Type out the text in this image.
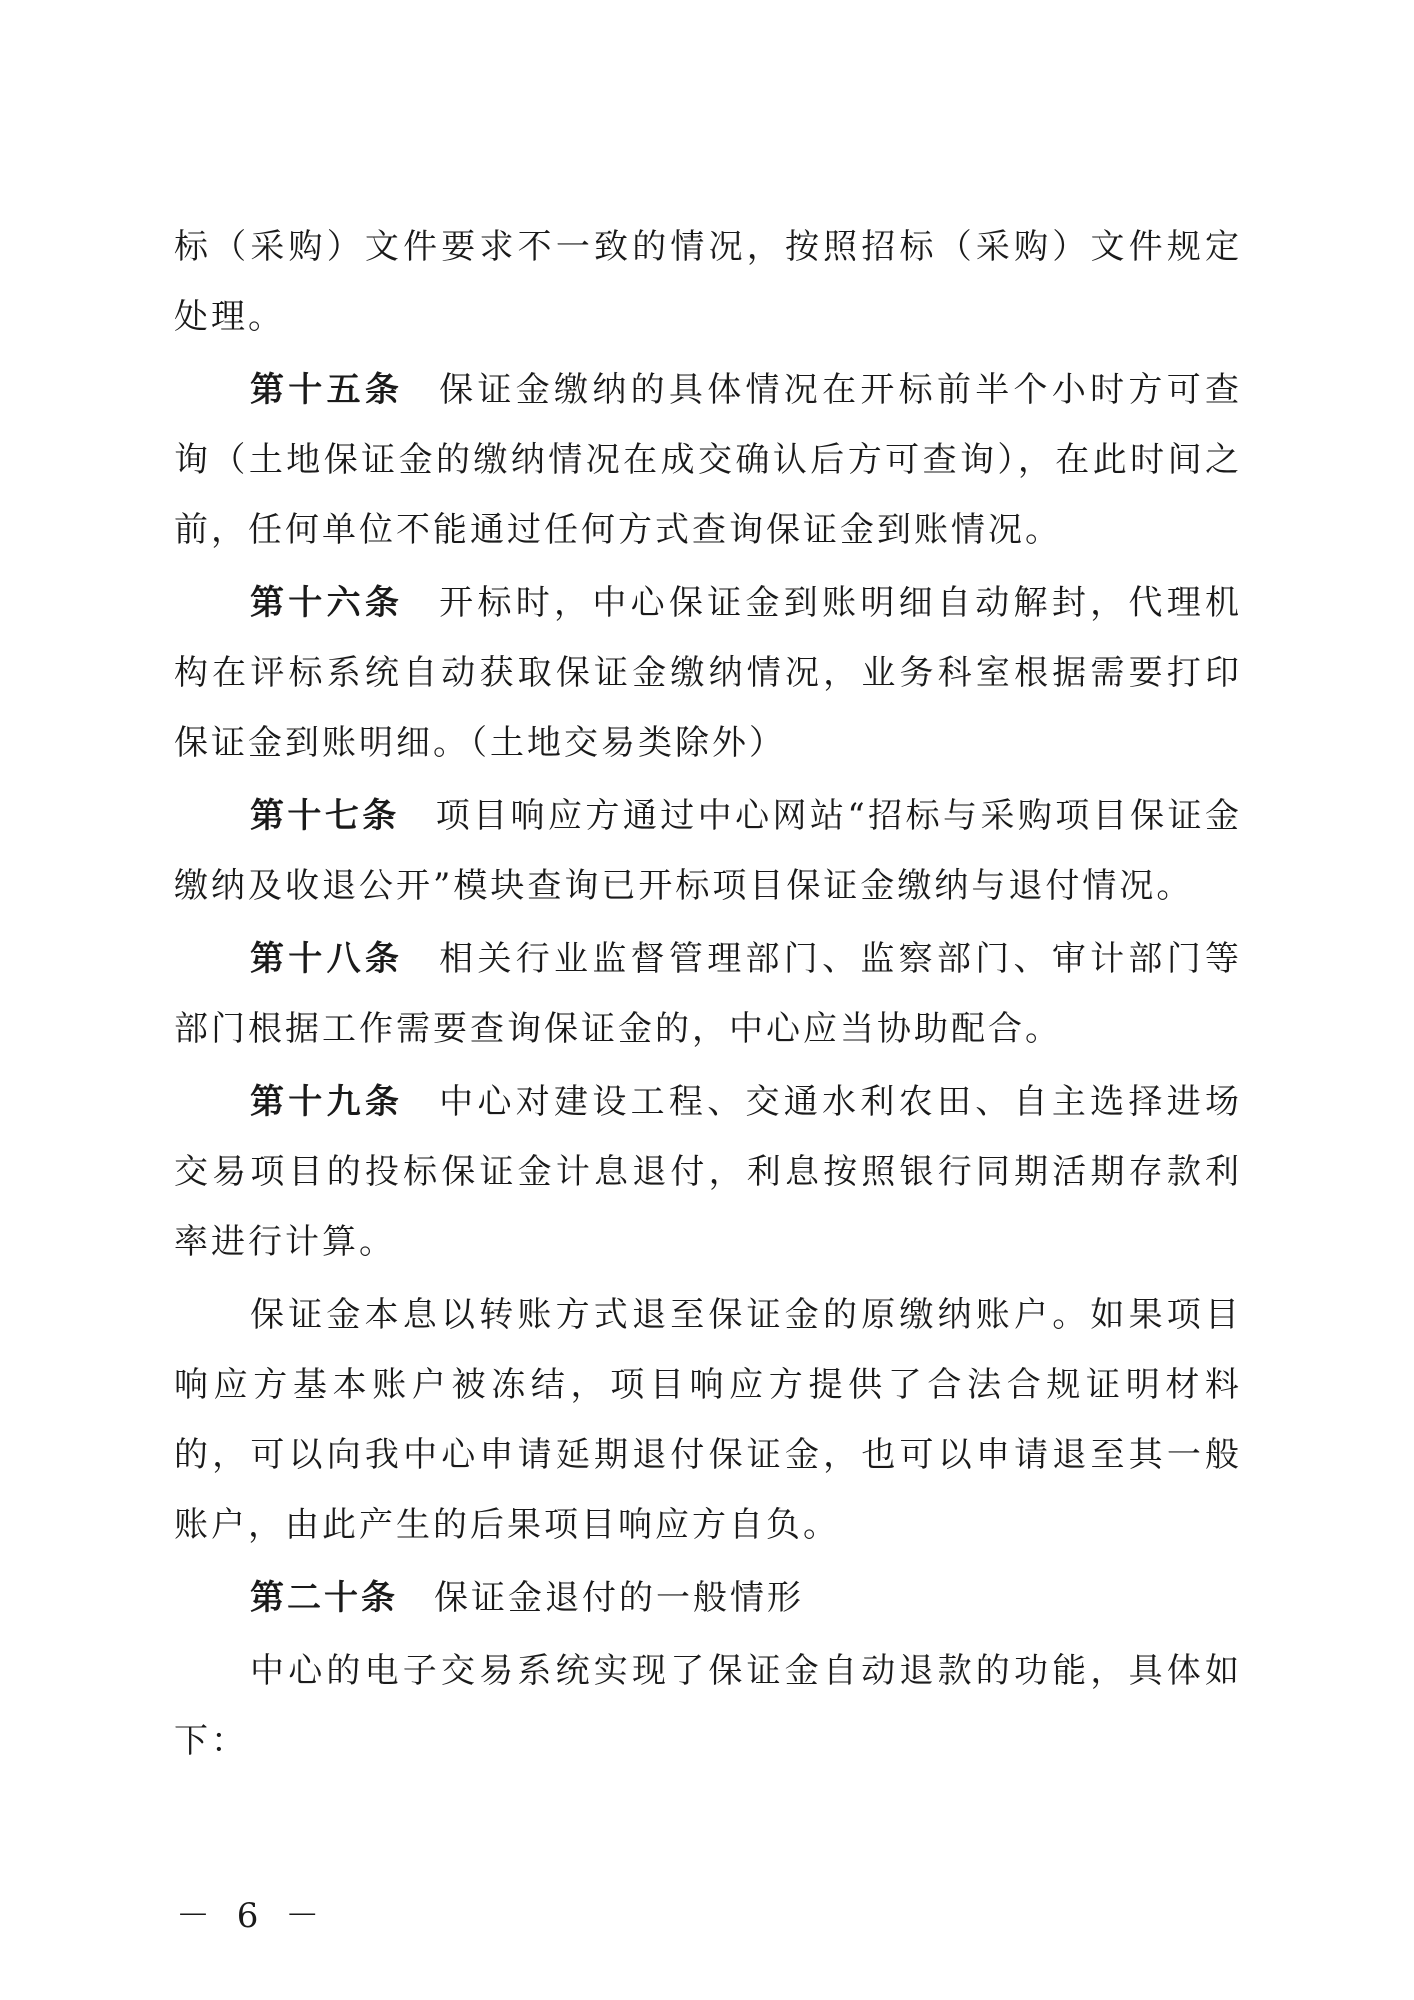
标（采购）文件要求不一致的情况，按照招标（采购）文件规定处理。

第十五条 保证金缴纳的具体情况在开标前半个小时方可查询（土地保证金的缴纳情况在成交确认后方可查询），在此时间之前，任何单位不能通过任何方式查询保证金到账情况。

第十六条 开标时，中心保证金到账明细自动解封，代理机构在评标系统自动获取保证金缴纳情况，业务科室根据需要打印保证金到账明细。（土地交易类除外）

第十七条 项目响应方通过中心网站“招标与采购项目保证金缴纳及收退公开”模块查询已开标项目保证金缴纳与退付情况。

第十八条 相关行业监督管理部门、监察部门、审计部门等部门根据工作需要查询保证金的，中心应当协助配合。

第十九条 中心对建设工程、交通水利农田、自主选择进场交易项目的投标保证金计息退付，利息按照银行同期活期存款利率进行计算。

保证金本息以转账方式退至保证金的原缴纳账户。如果项目响应方基本账户被冻结，项目响应方提供了合法合规证明材料的，可以向我中心申请延期退付保证金，也可以申请退至其一般账户，由此产生的后果项目响应方自负。

第二十条 保证金退付的一般情形

中心的电子交易系统实现了保证金自动退款的功能，具体如下：

－ 6 －
